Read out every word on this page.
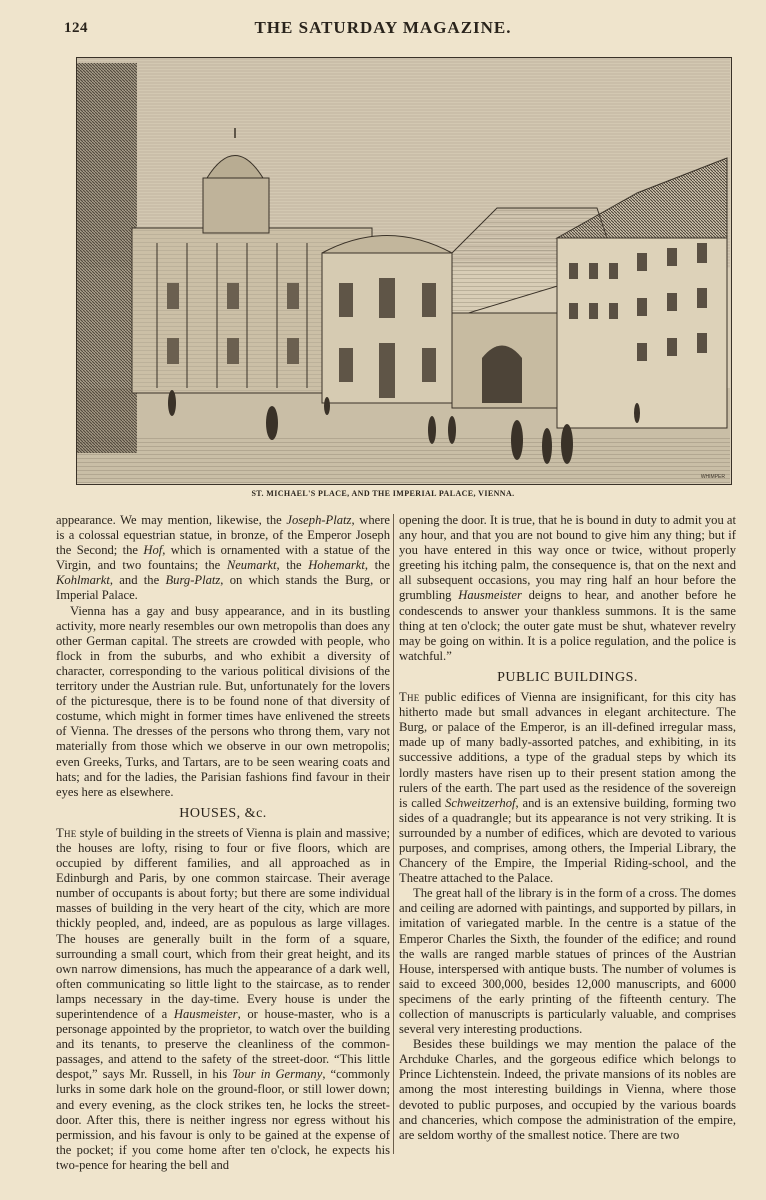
124	THE SATURDAY MAGAZINE.
WHIMPER
ST. MICHAEL'S PLACE, AND THE IMPERIAL PALACE, VIENNA.

appearance. We may mention, likewise, the Joseph-Platz, where is a colossal equestrian statue, in bronze, of the Emperor Joseph the Second; the Hof, which is ornamented with a statue of the Virgin, and two fountains; the Neumarkt, the Hohemarkt, the Kohlmarkt, and the Burg-Platz, on which stands the Burg, or Imperial Palace.

Vienna has a gay and busy appearance, and in its bustling activity, more nearly resembles our own metropolis than does any other German capital. The streets are crowded with people, who flock in from the suburbs, and who exhibit a diversity of character, corresponding to the various political divisions of the territory under the Austrian rule. But, unfortunately for the lovers of the picturesque, there is to be found none of that diversity of costume, which might in former times have enlivened the streets of Vienna. The dresses of the persons who throng them, vary not materially from those which we observe in our own metropolis; even Greeks, Turks, and Tartars, are to be seen wearing coats and hats; and for the ladies, the Parisian fashions find favour in their eyes here as elsewhere.

HOUSES, &c.

The style of building in the streets of Vienna is plain and massive; the houses are lofty, rising to four or five floors, which are occupied by different families, and all approached as in Edinburgh and Paris, by one common staircase. Their average number of occupants is about forty; but there are some individual masses of building in the very heart of the city, which are more thickly peopled, and, indeed, are as populous as large villages. The houses are generally built in the form of a square, surrounding a small court, which from their great height, and its own narrow dimensions, has much the appearance of a dark well, often communicating so little light to the staircase, as to render lamps necessary in the day-time. Every house is under the superintendence of a Hausmeister, or house-master, who is a personage appointed by the proprietor, to watch over the building and its tenants, to preserve the cleanliness of the common-passages, and attend to the safety of the street-door. “This little despot,” says Mr. Russell, in his Tour in Germany, “commonly lurks in some dark hole on the ground-floor, or still lower down; and every evening, as the clock strikes ten, he locks the street-door. After this, there is neither ingress nor egress without his permission, and his favour is only to be gained at the expense of the pocket; if you come home after ten o'clock, he expects his two-pence for hearing the bell and

opening the door. It is true, that he is bound in duty to admit you at any hour, and that you are not bound to give him any thing; but if you have entered in this way once or twice, without properly greeting his itching palm, the consequence is, that on the next and all subsequent occasions, you may ring half an hour before the grumbling Hausmeister deigns to hear, and another before he condescends to answer your thankless summons. It is the same thing at ten o'clock; the outer gate must be shut, whatever revelry may be going on within. It is a police regulation, and the police is watchful.”

PUBLIC BUILDINGS.

The public edifices of Vienna are insignificant, for this city has hitherto made but small advances in elegant architecture. The Burg, or palace of the Emperor, is an ill-defined irregular mass, made up of many badly-assorted patches, and exhibiting, in its successive additions, a type of the gradual steps by which its lordly masters have risen up to their present station among the rulers of the earth. The part used as the residence of the sovereign is called Schweitzerhof, and is an extensive building, forming two sides of a quadrangle; but its appearance is not very striking. It is surrounded by a number of edifices, which are devoted to various purposes, and comprises, among others, the Imperial Library, the Chancery of the Empire, the Imperial Riding-school, and the Theatre attached to the Palace.

The great hall of the library is in the form of a cross. The domes and ceiling are adorned with paintings, and supported by pillars, in imitation of variegated marble. In the centre is a statue of the Emperor Charles the Sixth, the founder of the edifice; and round the walls are ranged marble statues of princes of the Austrian House, interspersed with antique busts. The number of volumes is said to exceed 300,000, besides 12,000 manuscripts, and 6000 specimens of the early printing of the fifteenth century. The collection of manuscripts is particularly valuable, and comprises several very interesting productions.

Besides these buildings we may mention the palace of the Archduke Charles, and the gorgeous edifice which belongs to Prince Lichtenstein. Indeed, the private mansions of its nobles are among the most interesting buildings in Vienna, where those devoted to public purposes, and occupied by the various boards and chanceries, which compose the administration of the empire, are seldom worthy of the smallest notice. There are two
